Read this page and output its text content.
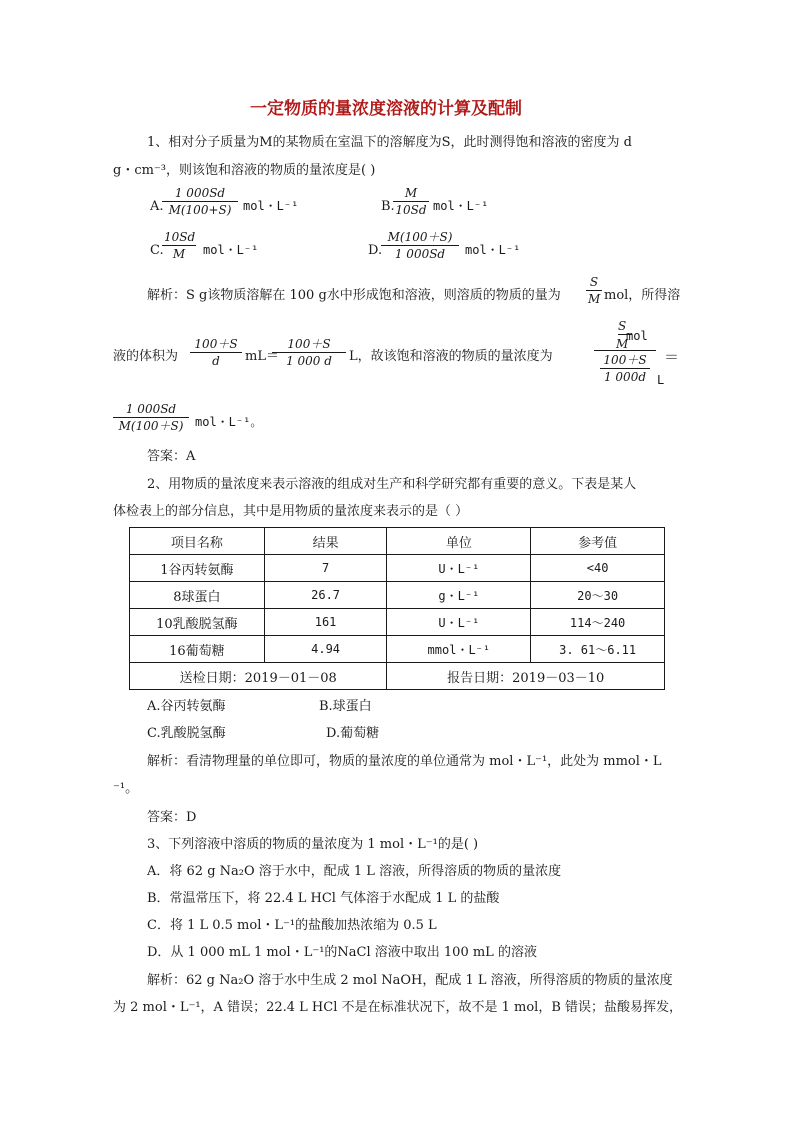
一定物质的量浓度溶液的计算及配制
1、相对分子质量为M的某物质在室温下的溶解度为S，此时测得饱和溶液的密度为 d
g・cm⁻³，则该饱和溶液的物质的量浓度是( )
A.
1 000Sd
M(100+S) mol・L⁻¹	B.
M
10Sd mol・L⁻¹
C.
10Sd
M	mol・L⁻¹	D.
M(100＋S)
1 000Sd	mol・L⁻¹
解析：S g该物质溶解在 100 g水中形成饱和溶液，则溶质的物质的量为
S
M mol，所得溶
液的体积为
100＋S
d	mL＝
100＋S
1 000 d	L，故该饱和溶液的物质的量浓度为
S
M
mol
100＋S
1 000d
＝
L
1 000Sd
M(100＋S) mol・L⁻¹。
答案：A
2、用物质的量浓度来表示溶液的组成对生产和科学研究都有重要的意义。下表是某人
体检表上的部分信息，其中是用物质的量浓度来表示的是（ ）
项目名称	结果	单位	参考值
1谷丙转氨酶	7	U・L⁻¹	<40
8球蛋白	26.7	g・L⁻¹	20〜30
10乳酸脱氢酶	161	U・L⁻¹	114〜240
16葡萄糖	4.94	mmol・L⁻¹	3. 61〜6.11
送检日期：2019－01－08		报告日期：2019－03－10	
A.谷丙转氨酶	B.球蛋白
C.乳酸脱氢酶	D.葡萄糖
解析：看清物理量的单位即可，物质的量浓度的单位通常为 mol・L⁻¹，此处为 mmol・L
⁻¹。
答案：D
3、下列溶液中溶质的物质的量浓度为 1 mol・L⁻¹的是( )
A．将 62 g Na₂O 溶于水中，配成 1 L 溶液，所得溶质的物质的量浓度
B．常温常压下，将 22.4 L HCl 气体溶于水配成 1 L 的盐酸
C．将 1 L 0.5 mol・L⁻¹的盐酸加热浓缩为 0.5 L
D．从 1 000 mL 1 mol・L⁻¹的NaCl 溶液中取出 100 mL 的溶液
解析：62 g Na₂O 溶于水中生成 2 mol NaOH，配成 1 L 溶液，所得溶质的物质的量浓度
为 2 mol・L⁻¹，A 错误；22.4 L HCl 不是在标准状况下，故不是 1 mol，B 错误；盐酸易挥发，
